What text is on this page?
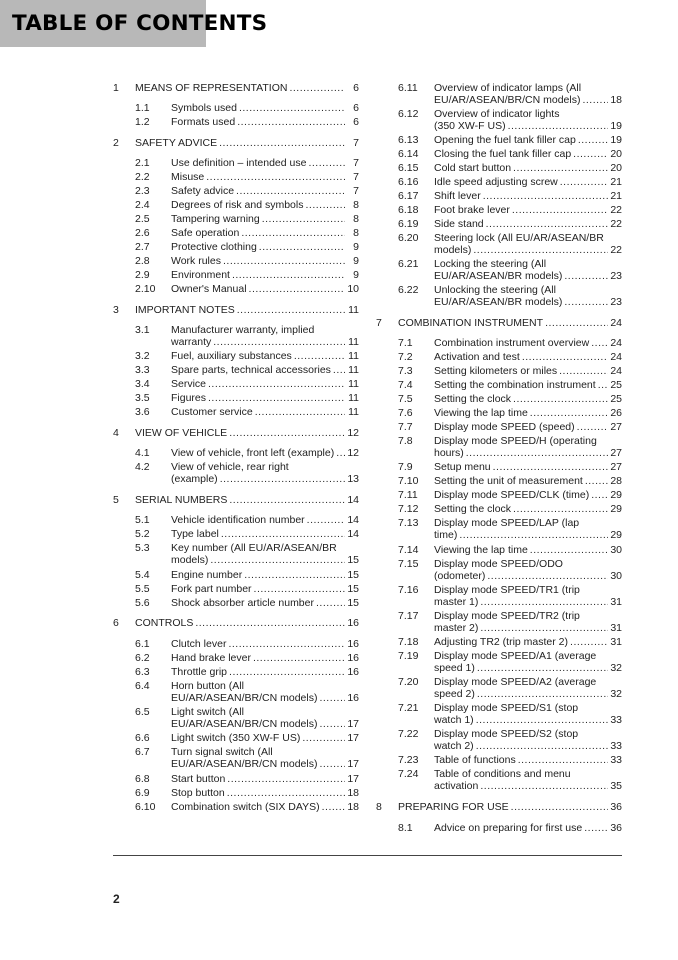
TABLE OF CONTENTS
1 MEANS OF REPRESENTATION .....	6
1.1 Symbols used .....	6
1.2 Formats used .....	6
2 SAFETY ADVICE .....	7
2.1 Use definition – intended use .....	7
2.2 Misuse .....	7
2.3 Safety advice .....	7
2.4 Degrees of risk and symbols .....	8
2.5 Tampering warning .....	8
2.6 Safe operation .....	8
2.7 Protective clothing .....	9
2.8 Work rules .....	9
2.9 Environment .....	9
2.10 Owner's Manual .....	10
3 IMPORTANT NOTES .....	11
3.1 Manufacturer warranty, implied
warranty .....	11
3.2 Fuel, auxiliary substances .....	11
3.3 Spare parts, technical accessories ..... 11
3.4 Service .....	11
3.5 Figures .....	11
3.6 Customer service .....	11
4 VIEW OF VEHICLE .....	12
4.1 View of vehicle, front left (example) ..... 12
4.2 View of vehicle, rear right
(example) .....	13
5 SERIAL NUMBERS .....	14
5.1 Vehicle identification number .....	14
5.2 Type label .....	14
5.3 Key number (All EU/AR/ASEAN/BR
models) .....	15
5.4 Engine number .....	15
5.5 Fork part number .....	15
5.6 Shock absorber article number .....	15
6 CONTROLS .....	16
6.1 Clutch lever .....	16
6.2 Hand brake lever .....	16
6.3 Throttle grip .....	16
6.4 Horn button (All
EU/AR/ASEAN/BR/CN models) .....	16
6.5 Light switch (All
EU/AR/ASEAN/BR/CN models) .....	17
6.6 Light switch (350 XW-F US) .....	17
6.7 Turn signal switch (All
EU/AR/ASEAN/BR/CN models) .....	17
6.8 Start button .....	17
6.9 Stop button .....	18
6.10 Combination switch (SIX DAYS) .....	18
6.11 Overview of indicator lamps (All
EU/AR/ASEAN/BR/CN models) .....	18
6.12 Overview of indicator lights
(350 XW-F US) .....	19
6.13 Opening the fuel tank filler cap .....	19
6.14 Closing the fuel tank filler cap .....	20
6.15 Cold start button .....	20
6.16 Idle speed adjusting screw .....	21
6.17 Shift lever .....	21
6.18 Foot brake lever .....	22
6.19 Side stand .....	22
6.20 Steering lock (All EU/AR/ASEAN/BR
models) .....	22
6.21 Locking the steering (All
EU/AR/ASEAN/BR models) .....	23
6.22 Unlocking the steering (All
EU/AR/ASEAN/BR models) .....	23
7 COMBINATION INSTRUMENT .....	24
7.1 Combination instrument overview ..... 24
7.2 Activation and test .....	24
7.3 Setting kilometers or miles .....	24
7.4 Setting the combination instrument ..... 25
7.5 Setting the clock .....	25
7.6 Viewing the lap time .....	26
7.7 Display mode SPEED (speed) .....	27
7.8 Display mode SPEED/H (operating
hours) .....	27
7.9 Setup menu .....	27
7.10 Setting the unit of measurement .....	28
7.11 Display mode SPEED/CLK (time) ..... 29
7.12 Setting the clock .....	29
7.13 Display mode SPEED/LAP (lap
time) .....	29
7.14 Viewing the lap time .....	30
7.15 Display mode SPEED/ODO
(odometer) .....	30
7.16 Display mode SPEED/TR1 (trip
master 1) .....	31
7.17 Display mode SPEED/TR2 (trip
master 2) .....	31
7.18 Adjusting TR2 (trip master 2) .....	31
7.19 Display mode SPEED/A1 (average
speed 1) .....	32
7.20 Display mode SPEED/A2 (average
speed 2) .....	32
7.21 Display mode SPEED/S1 (stop
watch 1) .....	33
7.22 Display mode SPEED/S2 (stop
watch 2) .....	33
7.23 Table of functions .....	33
7.24 Table of conditions and menu
activation .....	35
8 PREPARING FOR USE .....	36
8.1 Advice on preparing for first use .....	36
2
